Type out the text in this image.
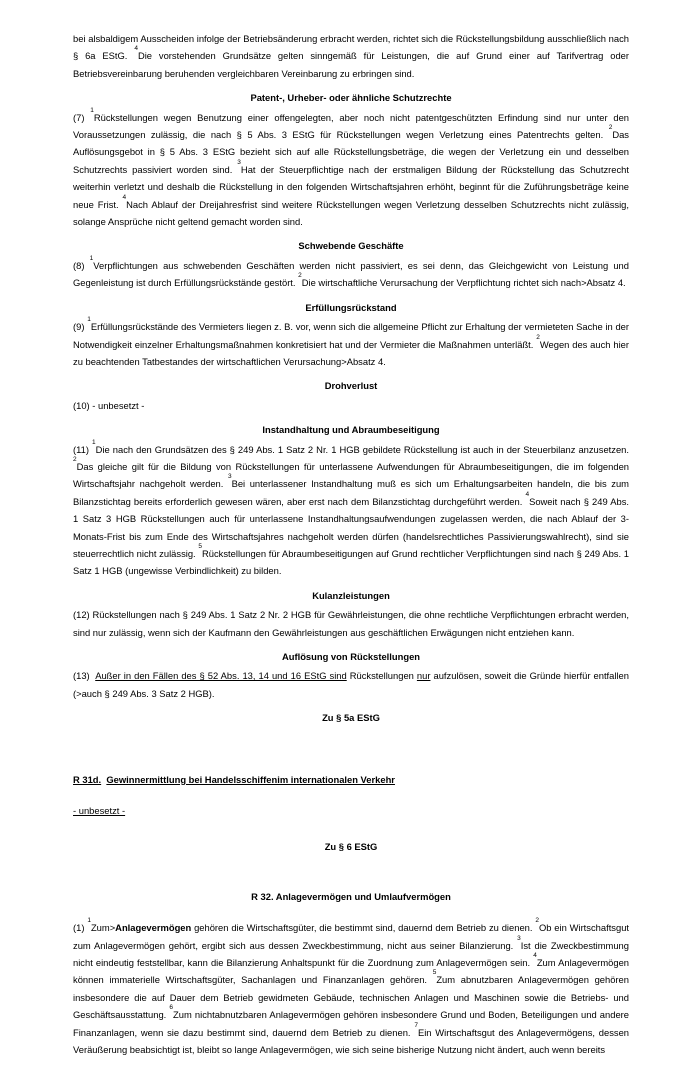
bei alsbaldigem Ausscheiden infolge der Betriebsänderung erbracht werden, richtet sich die Rückstellungsbildung ausschließlich nach § 6a EStG. $^4$Die vorstehenden Grundsätze gelten sinngemäß für Leistungen, die auf Grund einer auf Tarifvertrag oder Betriebsvereinbarung beruhenden vergleichbaren Vereinbarung zu erbringen sind.

Patent-, Urheber- oder ähnliche Schutzrechte

(7) $^1$Rückstellungen wegen Benutzung einer offengelegten, aber noch nicht patentgeschützten Erfindung sind nur unter den Voraussetzungen zulässig, die nach § 5 Abs. 3 EStG für Rückstellungen wegen Verletzung eines Patentrechts gelten. $^2$Das Auflösungsgebot in § 5 Abs. 3 EStG bezieht sich auf alle Rückstellungsbeträge, die wegen der Verletzung ein und desselben Schutzrechts passiviert worden sind. $^3$Hat der Steuerpflichtige nach der erstmaligen Bildung der Rückstellung das Schutzrecht weiterhin verletzt und deshalb die Rückstellung in den folgenden Wirtschaftsjahren erhöht, beginnt für die Zuführungsbeträge keine neue Frist. $^4$Nach Ablauf der Dreijahresfrist sind weitere Rückstellungen wegen Verletzung desselben Schutzrechts nicht zulässig, solange Ansprüche nicht geltend gemacht worden sind.

Schwebende Geschäfte

(8) $^1$Verpflichtungen aus schwebenden Geschäften werden nicht passiviert, es sei denn, das Gleichgewicht von Leistung und Gegenleistung ist durch Erfüllungsrückstände gestört. $^2$Die wirtschaftliche Verursachung der Verpflichtung richtet sich nach>Absatz 4.

Erfüllungsrückstand

(9) $^1$Erfüllungsrückstände des Vermieters liegen z. B. vor, wenn sich die allgemeine Pflicht zur Erhaltung der vermieteten Sache in der Notwendigkeit einzelner Erhaltungsmaßnahmen konkretisiert hat und der Vermieter die Maßnahmen unterläßt. $^2$Wegen des auch hier zu beachtenden Tatbestandes der wirtschaftlichen Verursachung>Absatz 4.

Drohverlust

(10) - unbesetzt -

Instandhaltung und Abraumbeseitigung

(11) $^1$Die nach den Grundsätzen des § 249 Abs. 1 Satz 2 Nr. 1 HGB gebildete Rückstellung ist auch in der Steuerbilanz anzusetzen. $^2$Das gleiche gilt für die Bildung von Rückstellungen für unterlassene Aufwendungen für Abraumbeseitigungen, die im folgenden Wirtschaftsjahr nachgeholt werden. $^3$Bei unterlassener Instandhaltung muß es sich um Erhaltungsarbeiten handeln, die bis zum Bilanzstichtag bereits erforderlich gewesen wären, aber erst nach dem Bilanzstichtag durchgeführt werden. $^4$Soweit nach § 249 Abs. 1 Satz 3 HGB Rückstellungen auch für unterlassene Instandhaltungsaufwendungen zugelassen werden, die nach Ablauf der 3-Monats-Frist bis zum Ende des Wirtschaftsjahres nachgeholt werden dürfen (handelsrechtliches Passivierungswahlrecht), sind sie steuerrechtlich nicht zulässig. $^5$Rückstellungen für Abraumbeseitigungen auf Grund rechtlicher Verpflichtungen sind nach § 249 Abs. 1 Satz 1 HGB (ungewisse Verbindlichkeit) zu bilden.

Kulanzleistungen

(12) Rückstellungen nach § 249 Abs. 1 Satz 2 Nr. 2 HGB für Gewährleistungen, die ohne rechtliche Verpflichtungen erbracht werden, sind nur zulässig, wenn sich der Kaufmann den Gewährleistungen aus geschäftlichen Erwägungen nicht entziehen kann.

Auflösung von Rückstellungen

(13) Außer in den Fällen des § 52 Abs. 13, 14 und 16 EStG sind Rückstellungen nur aufzulösen, soweit die Gründe hierfür entfallen (>auch § 249 Abs. 3 Satz 2 HGB).

Zu § 5a EStG
R 31d. Gewinnermittlung bei Handelsschiffenim internationalen Verkehr
- unbesetzt -
Zu § 6 EStG
R 32. Anlagevermögen und Umlaufvermögen

(1) $^1$Zum>Anlagevermögen gehören die Wirtschaftsgüter, die bestimmt sind, dauernd dem Betrieb zu dienen. $^2$Ob ein Wirtschaftsgut zum Anlagevermögen gehört, ergibt sich aus dessen Zweckbestimmung, nicht aus seiner Bilanzierung. $^3$Ist die Zweckbestimmung nicht eindeutig feststellbar, kann die Bilanzierung Anhaltspunkt für die Zuordnung zum Anlagevermögen sein. $^4$Zum Anlagevermögen können immaterielle Wirtschaftsgüter, Sachanlagen und Finanzanlagen gehören. $^5$Zum abnutzbaren Anlagevermögen gehören insbesondere die auf Dauer dem Betrieb gewidmeten Gebäude, technischen Anlagen und Maschinen sowie die Betriebs- und Geschäftsausstattung. $^6$Zum nichtabnutzbaren Anlagevermögen gehören insbesondere Grund und Boden, Beteiligungen und andere Finanzanlagen, wenn sie dazu bestimmt sind, dauernd dem Betrieb zu dienen. $^7$Ein Wirtschaftsgut des Anlagevermögens, dessen Veräußerung beabsichtigt ist, bleibt so lange Anlagevermögen, wie sich seine bisherige Nutzung nicht ändert, auch wenn bereits
